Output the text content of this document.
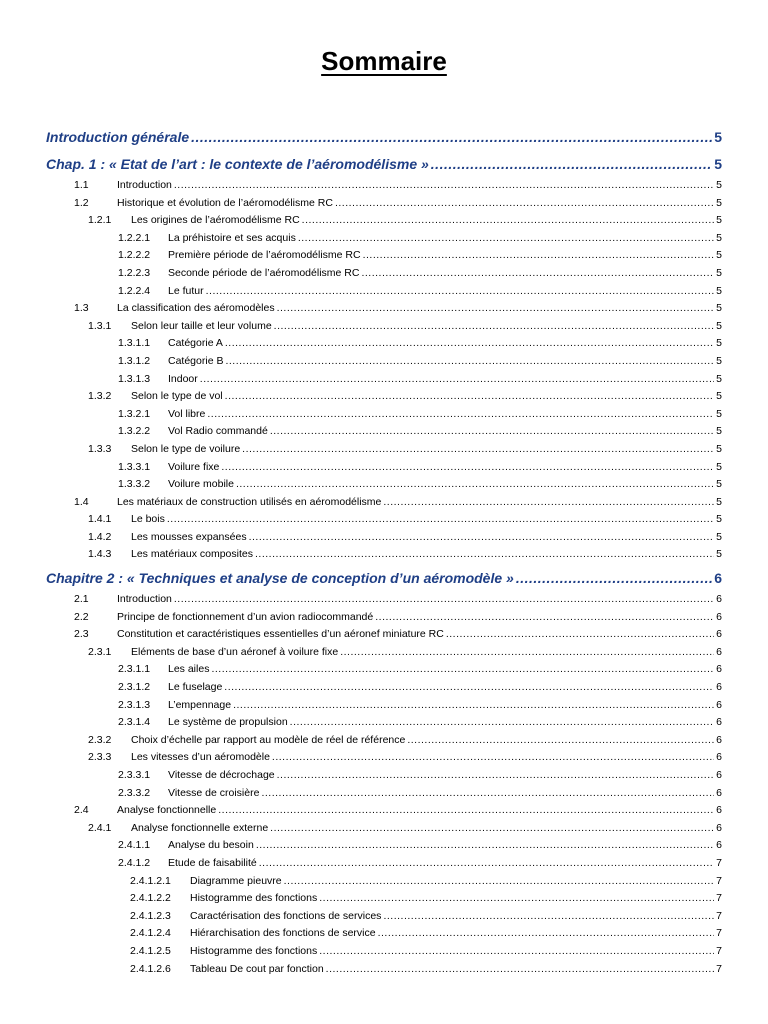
Sommaire
Introduction générale .....	5
Chap. 1 : « Etat de l’art : le contexte de l’aéromodélisme » .....	5
1.1	Introduction .....	5
1.2	Historique et évolution de l’aéromodélisme RC .....	5
1.2.1	Les origines de l’aéromodélisme RC .....	5
1.2.2.1	La préhistoire et ses acquis .....	5
1.2.2.2	Première période de l’aéromodélisme RC .....	5
1.2.2.3	Seconde période de l’aéromodélisme RC .....	5
1.2.2.4	Le futur .....	5
1.3	La classification des aéromodèles .....	5
1.3.1	Selon leur taille et leur volume .....	5
1.3.1.1	Catégorie A .....	5
1.3.1.2	Catégorie B .....	5
1.3.1.3	Indoor .....	5
1.3.2	Selon le type de vol .....	5
1.3.2.1	Vol libre .....	5
1.3.2.2	Vol Radio commandé .....	5
1.3.3	Selon le type de voilure .....	5
1.3.3.1	Voilure fixe .....	5
1.3.3.2	Voilure mobile .....	5
1.4	Les matériaux de construction utilisés en aéromodélisme .....	5
1.4.1	Le bois .....	5
1.4.2	Les mousses expansées .....	5
1.4.3	Les matériaux composites .....	5
Chapitre 2 : « Techniques et analyse de conception d’un aéromodèle » .....	6
2.1	Introduction .....	6
2.2	Principe de fonctionnement d’un avion radiocommandé .....	6
2.3	Constitution et caractéristiques essentielles d’un aéronef miniature RC .....	6
2.3.1	Eléments de base d’un aéronef à voilure fixe .....	6
2.3.1.1	Les ailes .....	6
2.3.1.2	Le fuselage .....	6
2.3.1.3	L’empennage .....	6
2.3.1.4	Le système de propulsion .....	6
2.3.2	Choix d’échelle par rapport au modèle de réel de référence .....	6
2.3.3	Les vitesses d’un aéromodèle .....	6
2.3.3.1	Vitesse de décrochage .....	6
2.3.3.2	Vitesse de croisière .....	6
2.4	Analyse fonctionnelle .....	6
2.4.1	Analyse fonctionnelle externe .....	6
2.4.1.1	Analyse du besoin .....	6
2.4.1.2	Etude de faisabilité .....	7
2.4.1.2.1	Diagramme pieuvre .....	7
2.4.1.2.2	Histogramme des fonctions .....	7
2.4.1.2.3	Caractérisation des fonctions de services .....	7
2.4.1.2.4	Hiérarchisation des fonctions de service .....	7
2.4.1.2.5	Histogramme des fonctions .....	7
2.4.1.2.6	Tableau De cout par fonction .....	7
